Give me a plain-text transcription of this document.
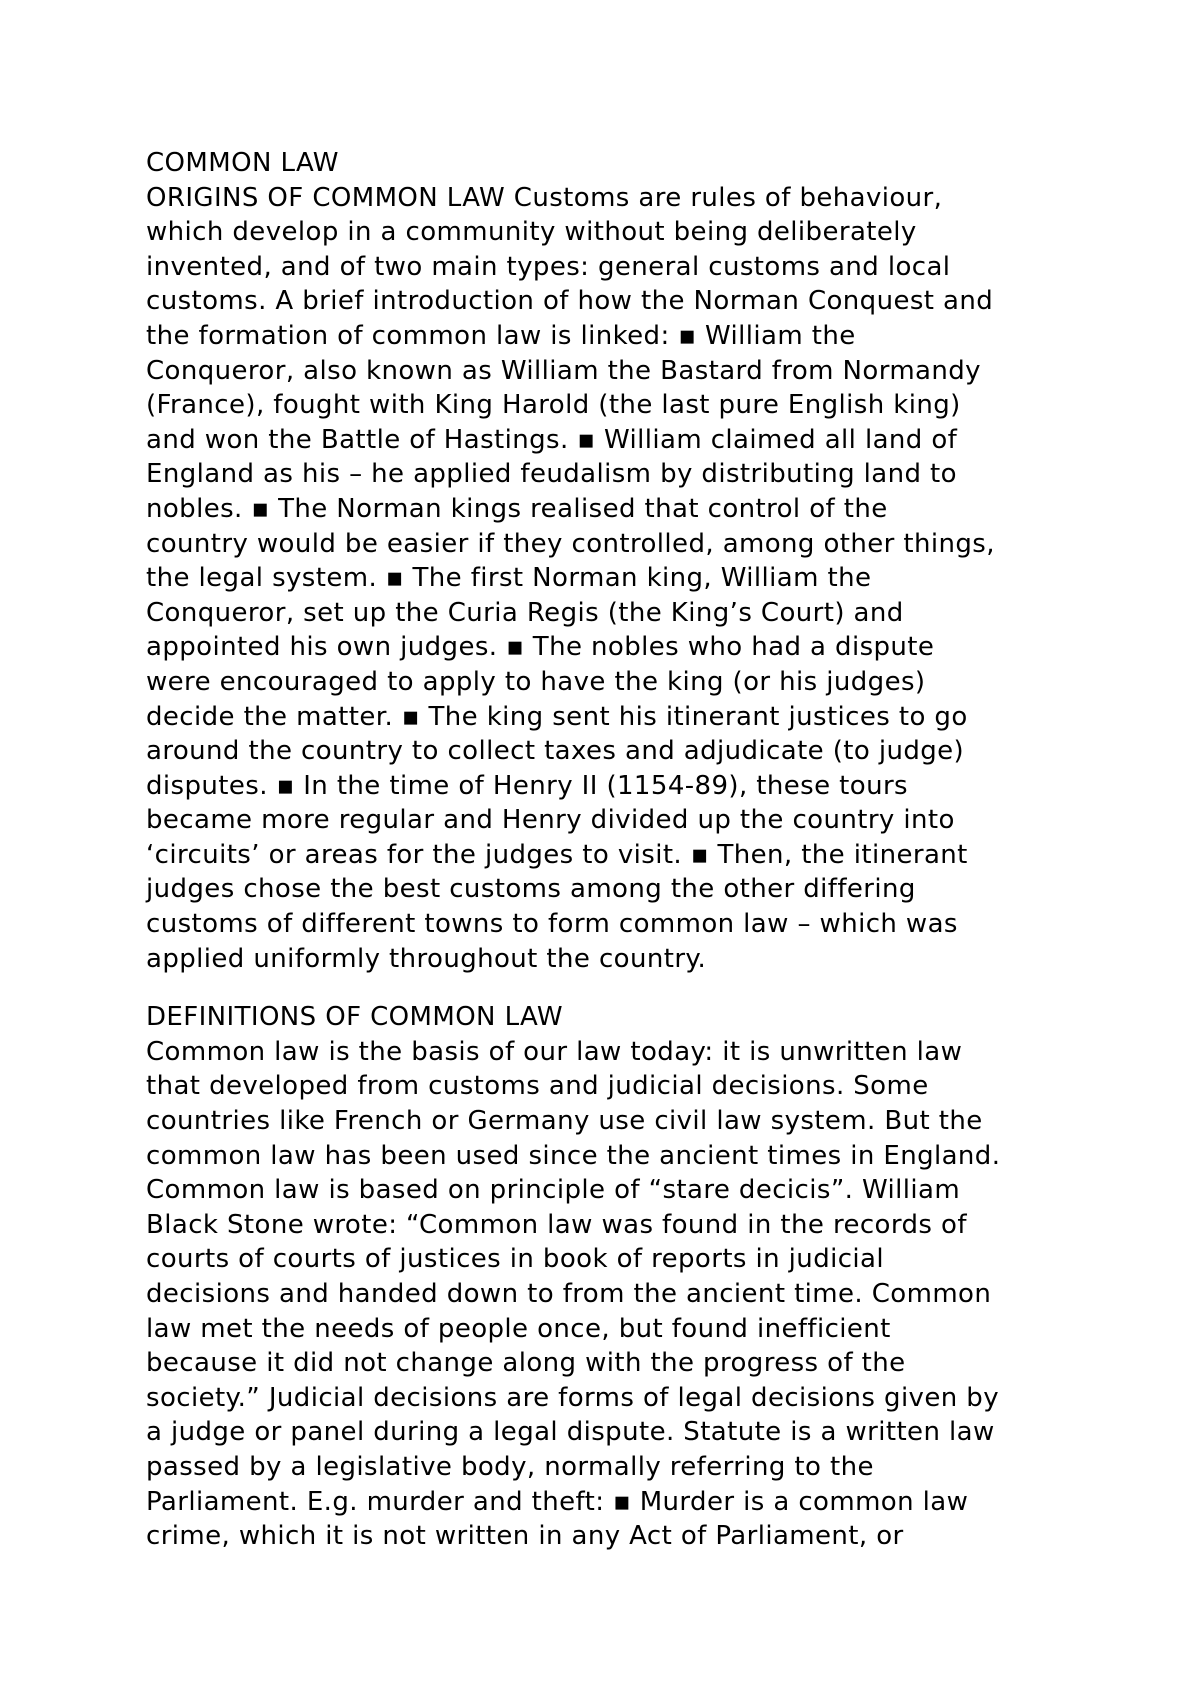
COMMON LAW
ORIGINS OF COMMON LAW Customs are rules of behaviour,
which develop in a community without being deliberately
invented, and of two main types: general customs and local
customs. A brief introduction of how the Norman Conquest and
the formation of common law is linked: ▪ William the
Conqueror, also known as William the Bastard from Normandy
(France), fought with King Harold (the last pure English king)
and won the Battle of Hastings. ▪ William claimed all land of
England as his – he applied feudalism by distributing land to
nobles. ▪ The Norman kings realised that control of the
country would be easier if they controlled, among other things,
the legal system. ▪ The first Norman king, William the
Conqueror, set up the Curia Regis (the King’s Court) and
appointed his own judges. ▪ The nobles who had a dispute
were encouraged to apply to have the king (or his judges)
decide the matter. ▪ The king sent his itinerant justices to go
around the country to collect taxes and adjudicate (to judge)
disputes. ▪ In the time of Henry II (1154-89), these tours
became more regular and Henry divided up the country into
‘circuits’ or areas for the judges to visit. ▪ Then, the itinerant
judges chose the best customs among the other differing
customs of different towns to form common law – which was
applied uniformly throughout the country.
DEFINITIONS OF COMMON LAW
Common law is the basis of our law today: it is unwritten law
that developed from customs and judicial decisions. Some
countries like French or Germany use civil law system. But the
common law has been used since the ancient times in England.
Common law is based on principle of “stare decicis”. William
Black Stone wrote: “Common law was found in the records of
courts of courts of justices in book of reports in judicial
decisions and handed down to from the ancient time. Common
law met the needs of people once, but found inefficient
because it did not change along with the progress of the
society.” Judicial decisions are forms of legal decisions given by
a judge or panel during a legal dispute. Statute is a written law
passed by a legislative body, normally referring to the
Parliament. E.g. murder and theft: ▪ Murder is a common law
crime, which it is not written in any Act of Parliament, or
